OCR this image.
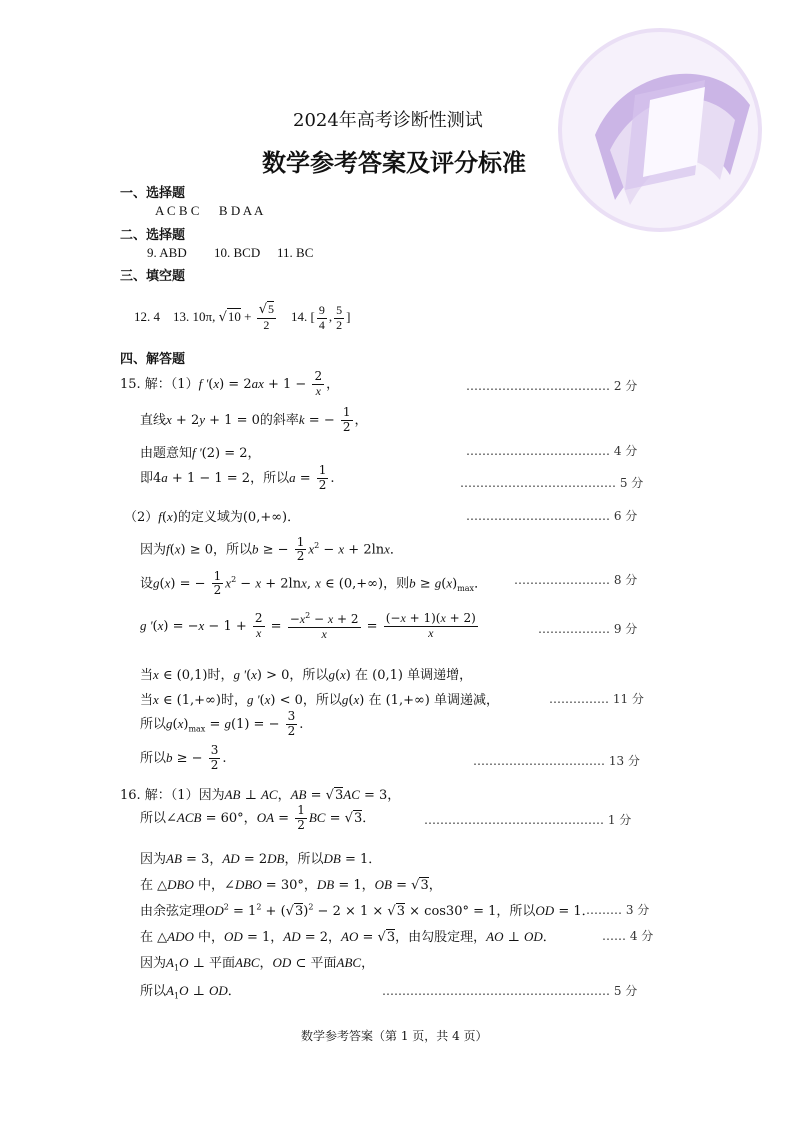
2024年高考诊断性测试
数学参考答案及评分标准
一、选择题
A C B C      B D A A
二、选择题
9. ABD 10. BCD 11. BC
三、填空题
12. 4 13. 10π, $√10 + \frac{√5}{2} 14$. [ $\frac{9}{4}$ , $\frac{5}{2}$ ]
四、解答题
15. 解：（1）f '$(x) = 2ax + 1 - \frac{2}{x}$ ，
直线x + 2y + 1 = 0的斜率k = − $\frac{1}{2}$ ，
由题意知f '(2) = 2，
即4a + 1 − 1 = 2，所以$a = \frac{1}{2}$ .
（2）f(x)的定义域为(0,+∞)．
因为f(x) ≥ 0，所以b ≥ − $\frac{1}{2} x^2 - x + 2\ln x$．
设g(x) = − $\frac{1}{2} x^2 - x + 2\ln x$, x ∈ (0,+∞)，则$b \ge g(x)_{max}$．
g '$(x) = -x - 1 + \frac{2}{x} = \frac{-x^2 - x + 2}{x} = \frac{(-x + 1)(x + 2)}{x}$
当x ∈ (0,1)时，g '(x) > 0，所以g(x) 在 (0,1) 单调递增，
当x ∈ (1,+∞)时，g '(x) < 0，所以g(x) 在 (1,+∞) 单调递减，
所以$g(x)_{max} = g(1)$ = − $\frac{3}{2}$ .
所以b ≥ − $\frac{3}{2}$ .
16. 解：（1）因为AB ⊥ AC，AB = √3AC = 3，
所以∠ACB = 60°，OA = $\frac{1}{2}$ BC = √3．
因为AB = 3，AD = 2DB，所以DB = 1．
在 △DBO 中，∠DBO = 30°，DB = 1，OB = √3，
由余弦定理$OD^2 = 1^2 + (√3)^2 - 2 \times 1 \times √3 \times \cos 30^\circ = 1$，所以OD = 1．
在 △ADO 中，OD = 1，AD = 2，AO = √3，由勾股定理，AO ⊥ OD．
因为$A_1O$ ⊥ 平面ABC，OD ⊂ 平面ABC，
所以$A_1O$ ⊥ OD．
……………………………… 2 分
……………………………… 4 分
………………………………… 5 分
……………………………… 6 分
…………………… 8 分
……………… 9 分
…………… 11 分
…………………………… 13 分
……………………………………… 1 分
……… 3 分
…… 4 分
………………………………………………… 5 分
数学参考答案（第 1 页，共 4 页）
